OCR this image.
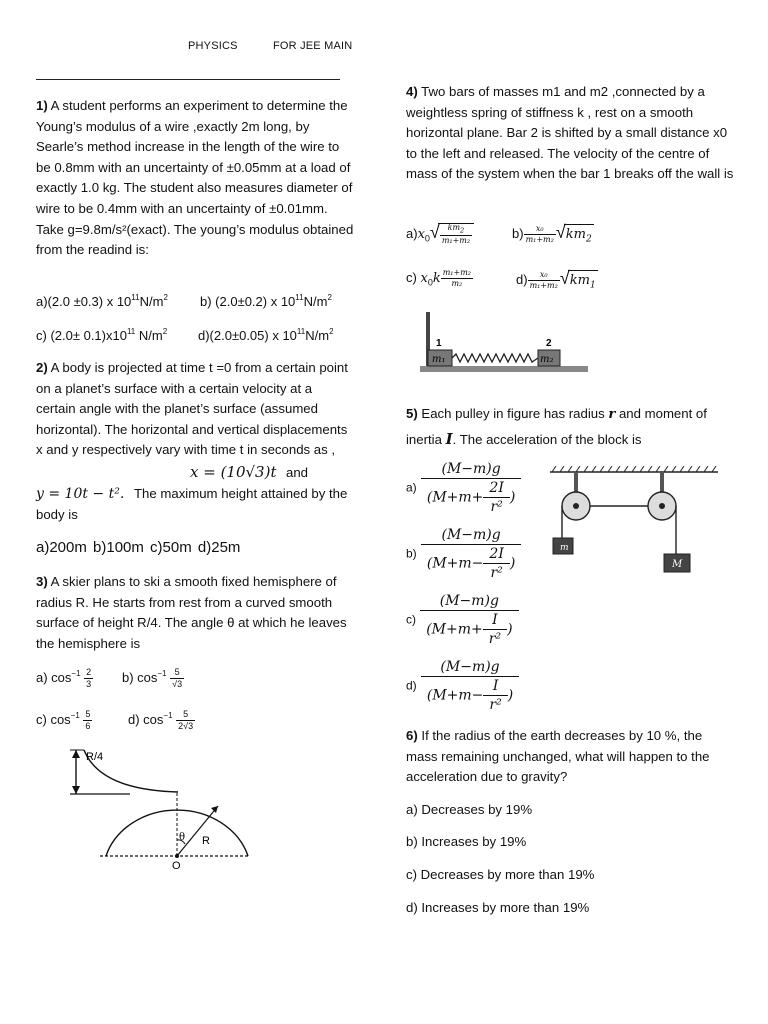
PHYSICS	FOR JEE MAIN
1) A student performs an experiment to determine the Young’s modulus of a wire ,exactly 2m long, by Searle’s method increase in the length of the wire to be 0.8mm with an uncertainty of ±0.05mm at a load of exactly 1.0 kg. The student also measures diameter of wire to be 0.4mm with an uncertainty of ±0.01mm. Take g=9.8m/s²(exact). The young’s modulus obtained from the readind is:
a)(2.0 ±0.3) x $10^{11}N/m^2$ b) (2.0±0.2) x $10^{11}N/m^2$
c) $(2.0\pm 0.1)x10^{11}$ $N/m^2$ d)(2.0±0.05) x $10^{11}N/m^2$
2) A body is projected at time t =0 from a certain point on a planet’s surface with a certain velocity at a certain angle with the planet’s surface (assumed horizontal). The horizontal and vertical displacements x and y respectively vary with time t in seconds as ,
x = (10√3)t and
y = 10t − t². The maximum height attained by the body is
a)200m b)100m c)50m d)25m
3) A skier plans to ski a smooth fixed hemisphere of radius R. He starts from rest from a curved smooth surface of height R/4. The angle θ at which he leaves the hemisphere is
a) $\cos^{-1} \frac{2}{3} b$) $\cos^{-1} \frac{5}{√3}$
c) $\cos^{-1} \frac{5}{6}$	d) $\cos^{-1} \frac{5}{2√3}$
R/4
θ R
O
4) Two bars of masses m1 and m2 ,connected by a weightless spring of stiffness k , rest on a smooth horizontal plane. Bar 2 is shifted by a small distance x0 to the left and released. The velocity of the centre of mass of the system when the bar 1 breaks off the wall is
$a)x_0√ \frac{km_2}{\text{m₁+m₂}}$	$b) \frac{\text{x₀}}{\text{m₁+m₂}} √km_2$
c) $x_0k \frac{\text{m₁+m₂}}{\text{m₂}}$	$d) \frac{\text{x₀}}{\text{m₁+m₂}} √km_1$
1	2
m₁	m₂
5) Each pulley in figure has radius r and moment of inertia I. The acceleration of the block is
$a) \frac{(M-m)g}{(M+m+ \frac{2I}{\text{r²}} )}$
$b) \frac{(M-m)g}{(M+m- \frac{2I}{\text{r²}} )}$
$c) \frac{(M-m)g}{(M+m+ \frac{I}{\text{r²}} )}$
$d) \frac{(M-m)g}{(M+m- \frac{I}{\text{r²}} )}$
m
M
6) If the radius of the earth decreases by 10 %, the mass remaining unchanged, what will happen to the acceleration due to gravity?
a) Decreases by 19%
b) Increases by 19%
c) Decreases by more than 19%
d) Increases by more than 19%
